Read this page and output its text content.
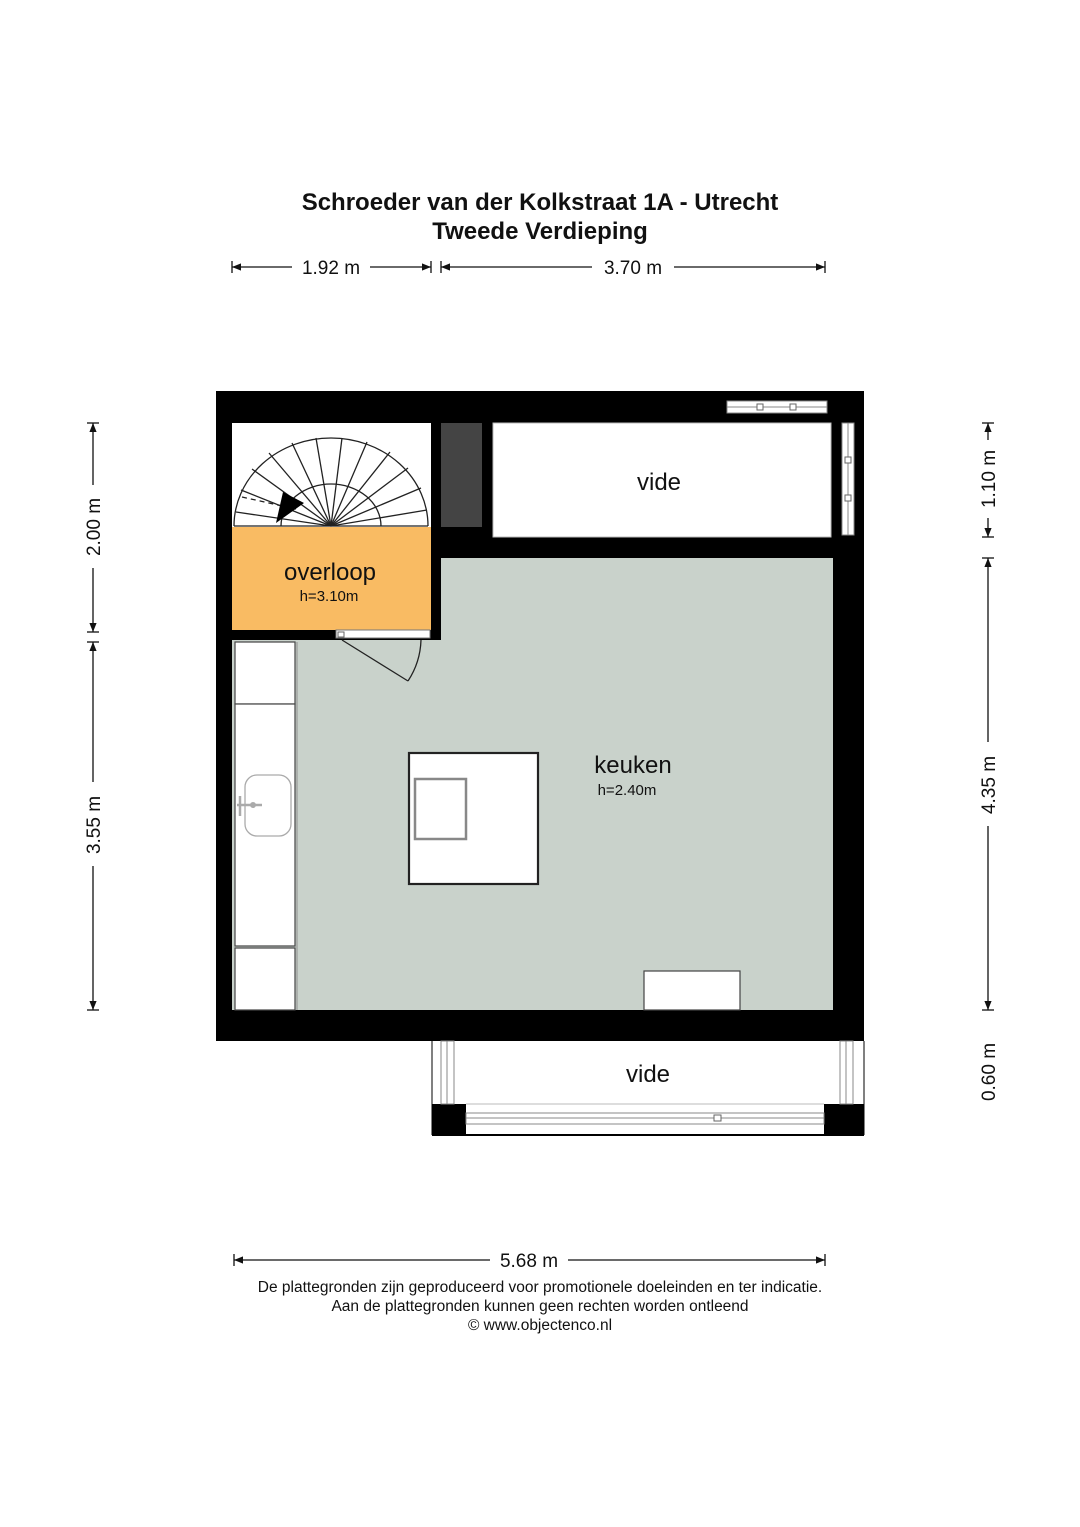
Schroeder van der Kolkstraat 1A - Utrecht
Tweede Verdieping
1.92 m	3.70 m
2.00 m
3.55 m
1.10 m
4.35 m
0.60 m
5.68 m
overloop
h=3.10m
vide
keuken
h=2.40m
vide
De plattegronden zijn geproduceerd voor promotionele doeleinden en ter indicatie.
Aan de plattegronden kunnen geen rechten worden ontleend
© www.objectenco.nl
